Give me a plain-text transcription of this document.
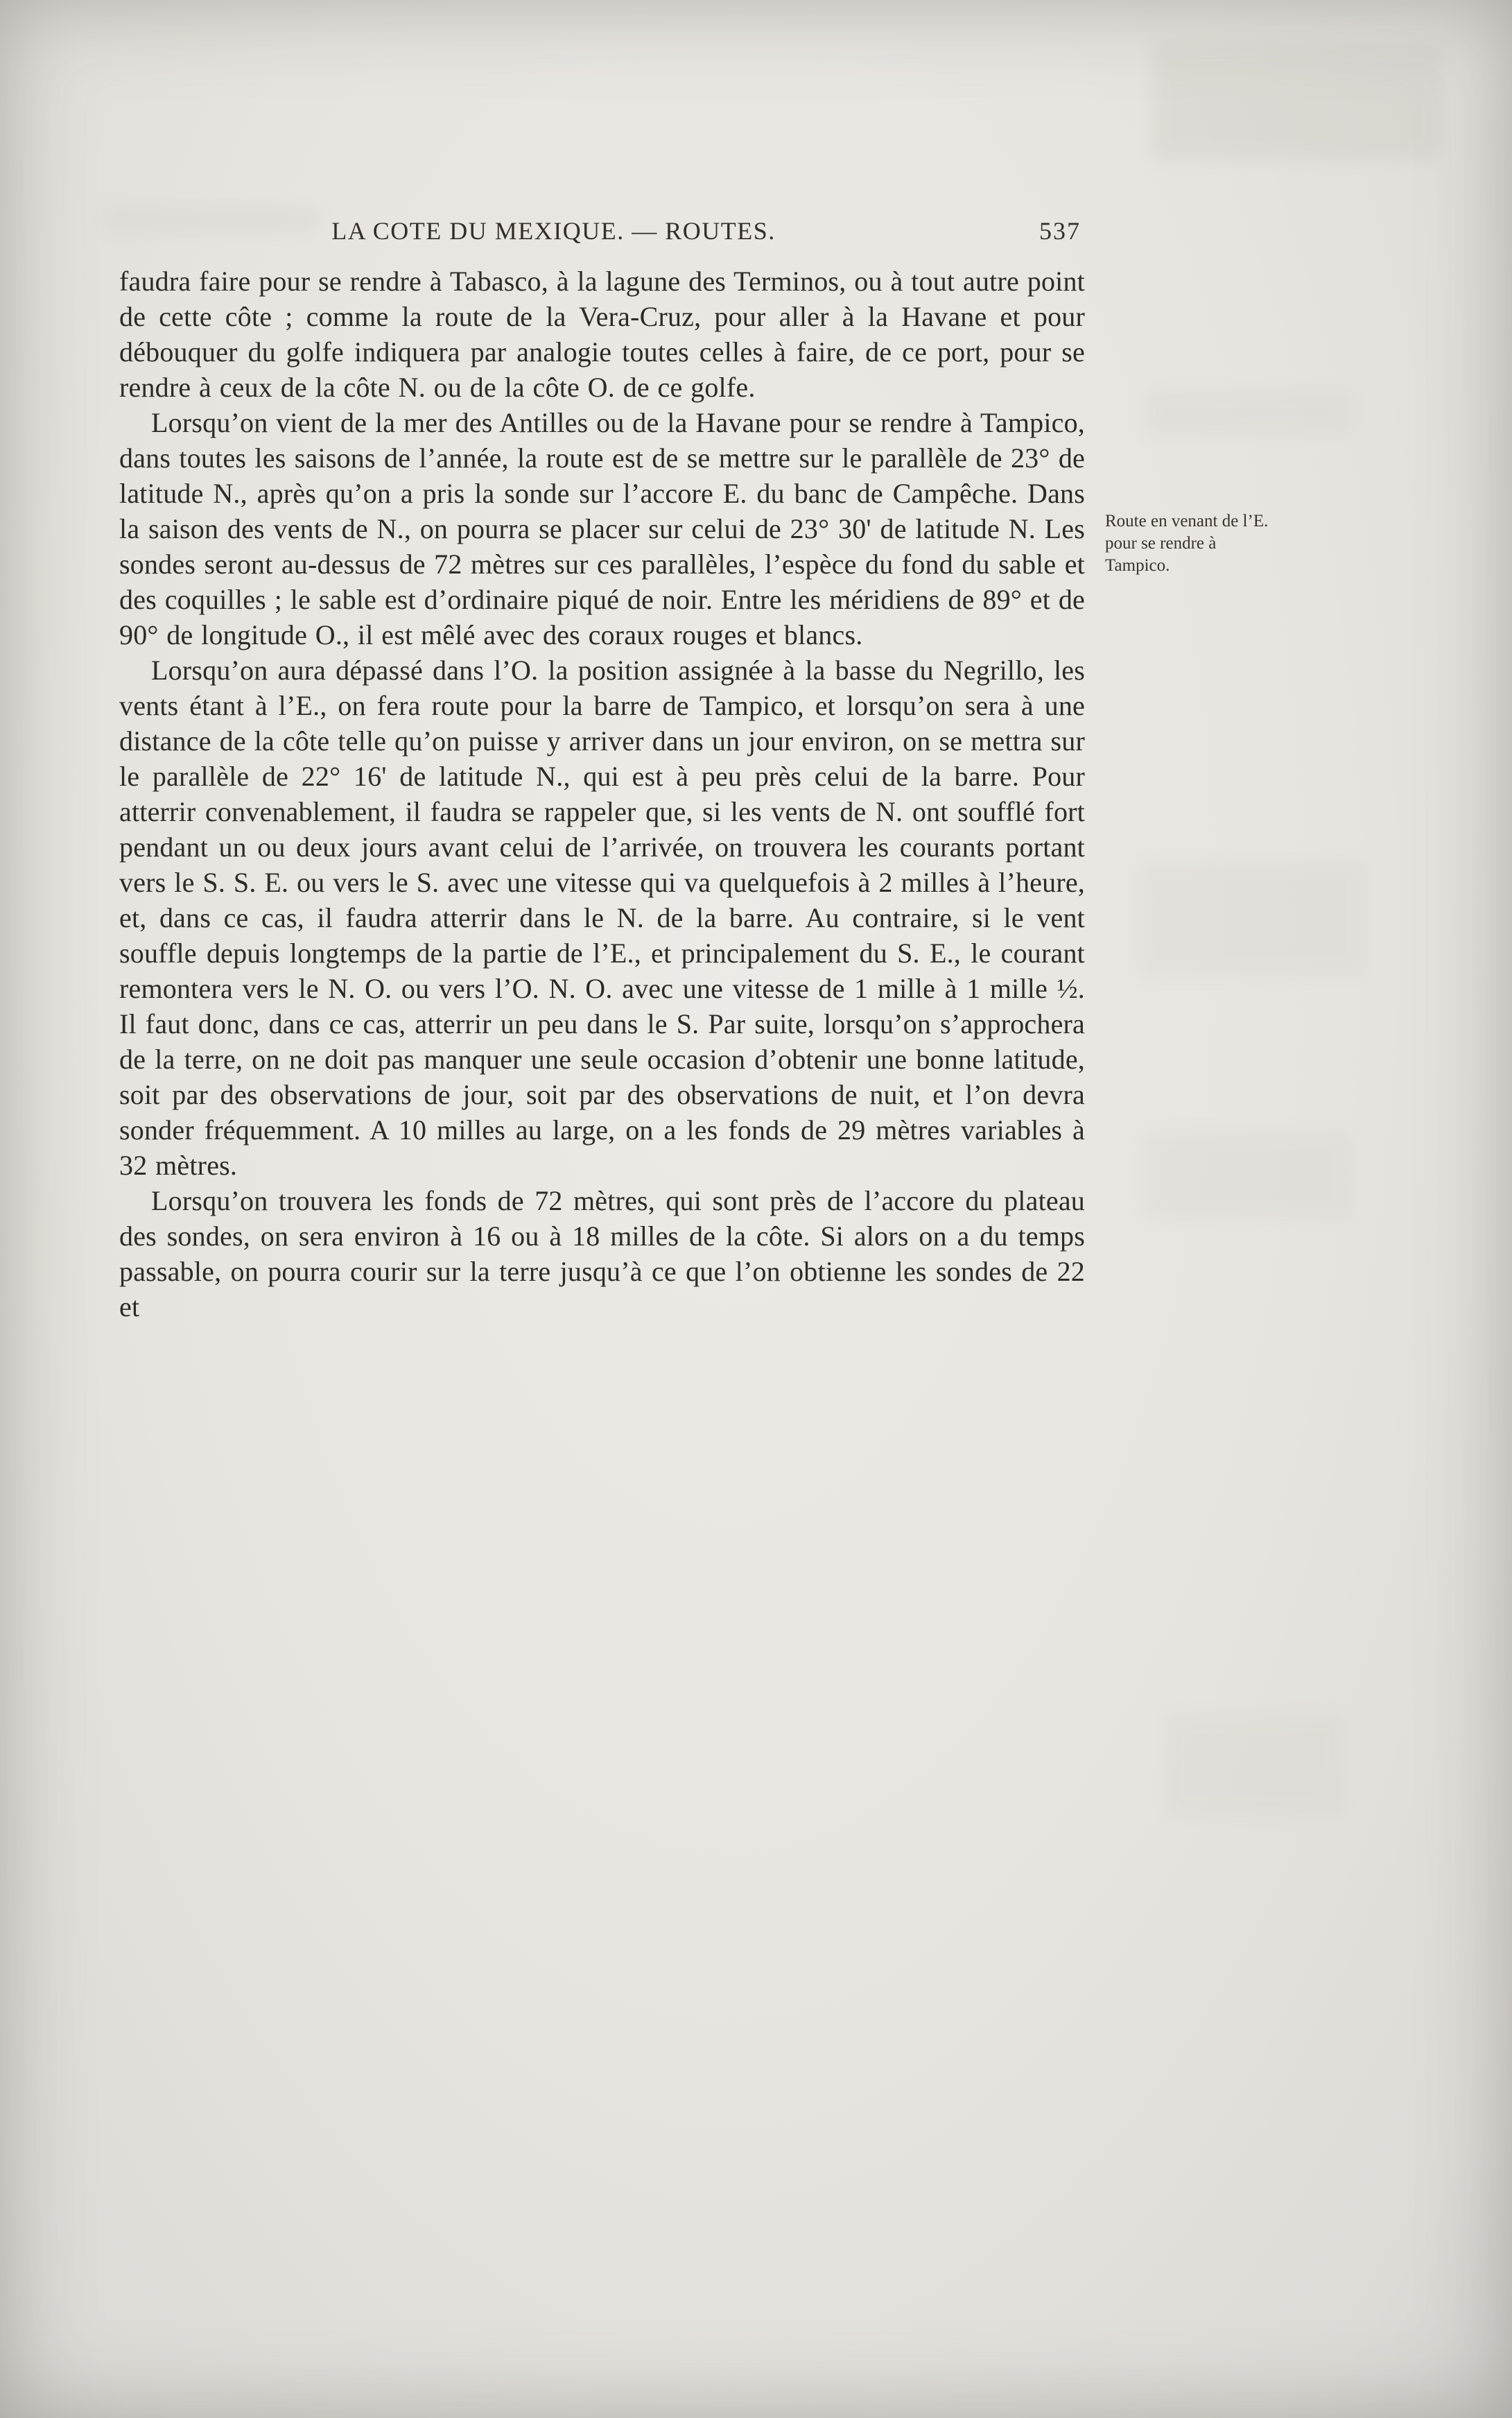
LA COTE DU MEXIQUE. — ROUTES.	537

faudra faire pour se rendre à Tabasco, à la lagune des Terminos, ou à tout autre point de cette côte ; comme la route de la Vera-Cruz, pour aller à la Havane et pour débouquer du golfe indiquera par analogie toutes celles à faire, de ce port, pour se rendre à ceux de la côte N. ou de la côte O. de ce golfe.

Lorsqu’on vient de la mer des Antilles ou de la Havane pour se rendre à Tampico, dans toutes les saisons de l’année, la route est de se mettre sur le parallèle de 23° de latitude N., après qu’on a pris la sonde sur l’accore E. du banc de Campêche. Dans la saison des vents de N., on pourra se placer sur celui de 23° 30' de latitude N. Les sondes seront au-dessus de 72 mètres sur ces parallèles, l’espèce du fond du sable et des coquilles ; le sable est d’ordinaire piqué de noir. Entre les méridiens de 89° et de 90° de longitude O., il est mêlé avec des coraux rouges et blancs.

Lorsqu’on aura dépassé dans l’O. la position assignée à la basse du Negrillo, les vents étant à l’E., on fera route pour la barre de Tampico, et lorsqu’on sera à une distance de la côte telle qu’on puisse y arriver dans un jour environ, on se mettra sur le parallèle de 22° 16' de latitude N., qui est à peu près celui de la barre. Pour atterrir convenablement, il faudra se rappeler que, si les vents de N. ont soufflé fort pendant un ou deux jours avant celui de l’arrivée, on trouvera les courants portant vers le S. S. E. ou vers le S. avec une vitesse qui va quelquefois à 2 milles à l’heure, et, dans ce cas, il faudra atterrir dans le N. de la barre. Au contraire, si le vent souffle depuis longtemps de la partie de l’E., et principalement du S. E., le courant remontera vers le N. O. ou vers l’O. N. O. avec une vitesse de 1 mille à 1 mille ½. Il faut donc, dans ce cas, atterrir un peu dans le S. Par suite, lorsqu’on s’approchera de la terre, on ne doit pas manquer une seule occasion d’obtenir une bonne latitude, soit par des observations de jour, soit par des observations de nuit, et l’on devra sonder fréquemment. A 10 milles au large, on a les fonds de 29 mètres variables à 32 mètres.

Lorsqu’on trouvera les fonds de 72 mètres, qui sont près de l’accore du plateau des sondes, on sera environ à 16 ou à 18 milles de la côte. Si alors on a du temps passable, on pourra courir sur la terre jusqu’à ce que l’on obtienne les sondes de 22 et

Route en venant de l’E. pour se rendre à Tampico.
